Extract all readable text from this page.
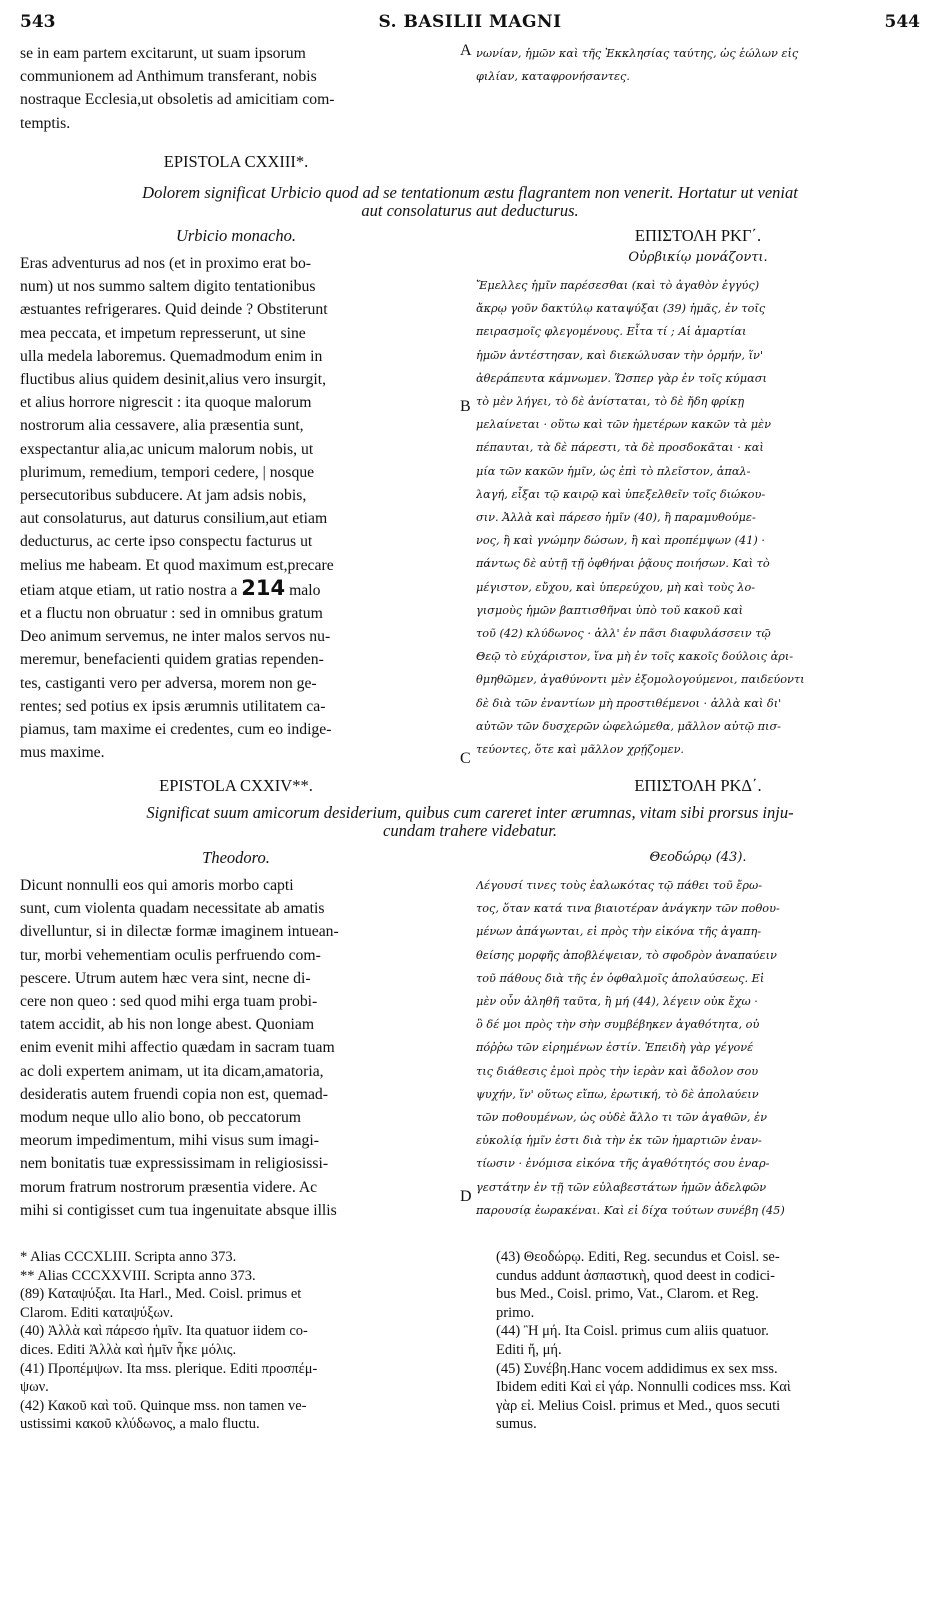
543	S. BASILII MAGNI	544
se in eam partem excitarunt, ut suam ipsorum
communionem ad Anthimum transferant, nobis
nostraque Ecclesia,ut obsoletis ad amicitiam com-
temptis.
νωνίαν, ἡμῶν καὶ τῆς Ἐκκλησίας ταύτης, ὡς ἑώλων εἰς
φιλίαν, καταφρονήσαντες.
EPISTOLA CXXIII*.
Dolorem significat Urbicio quod ad se tentationum æstu flagrantem non venerit. Hortatur ut veniat
aut consolaturus aut deducturus.
Urbicio monacho.	ΕΠΙΣΤΟΛΗ ΡΚΓ΄.
Οὐρβικίῳ μονάζοντι.
Eras adventurus ad nos (et in proximo erat bo-
num) ut nos summo saltem digito tentationibus
æstuantes refrigerares. Quid deinde ? Obstiterunt
mea peccata, et impetum represserunt, ut sine
ulla medela laboremus. Quemadmodum enim in
fluctibus alius quidem desinit,alius vero insurgit,
et alius horrore nigrescit : ita quoque malorum
nostrorum alia cessavere, alia præsentia sunt,
exspectantur alia,ac unicum malorum nobis, ut
plurimum, remedium, tempori cedere, | nosque
persecutoribus subducere. At jam adsis nobis,
aut consolaturus, aut daturus consilium,aut etiam
deducturus, ac certe ipso conspectu facturus ut
melius me habeam. Et quod maximum est,precare
etiam atque etiam, ut ratio nostra a 214 malo
et a fluctu non obruatur : sed in omnibus gratum
Deo animum servemus, ne inter malos servos nu-
meremur, benefacienti quidem gratias rependen-
tes, castiganti vero per adversa, morem non ge-
rentes; sed potius ex ipsis ærumnis utilitatem ca-
piamus, tam maxime ei credentes, cum eo indige-
mus maxime.
Ἔμελλες ἡμῖν παρέσεσθαι (καὶ τὸ ἀγαθὸν ἐγγύς)
ἄκρῳ γοῦν δακτύλῳ καταψύξαι (39) ἡμᾶς, ἐν τοῖς
πειρασμοῖς φλεγομένους. Εἶτα τί ; Αἱ ἁμαρτίαι
ἡμῶν ἀντέστησαν, καὶ διεκώλυσαν τὴν ὁρμήν, ἵν'
ἀθεράπευτα κάμνωμεν. Ὥσπερ γὰρ ἐν τοῖς κύμασι
τὸ μὲν λήγει, τὸ δὲ ἀνίσταται, τὸ δὲ ἤδη φρίκῃ
μελαίνεται · οὕτω καὶ τῶν ἡμετέρων κακῶν τὰ μὲν
πέπαυται, τὰ δὲ πάρεστι, τὰ δὲ προσδοκᾶται · καὶ
μία τῶν κακῶν ἡμῖν, ὡς ἐπὶ τὸ πλεῖστον, ἀπαλ-
λαγή, εἶξαι τῷ καιρῷ καὶ ὑπεξελθεῖν τοῖς διώκου-
σιν. Ἀλλὰ καὶ πάρεσο ἡμῖν (40), ἢ παραμυθούμε-
νος, ἢ καὶ γνώμην δώσων, ἢ καὶ προπέμψων (41) ·
πάντως δὲ αὐτῇ τῇ ὀφθήναι ῥᾷους ποιήσων. Καὶ τὸ
μέγιστον, εὔχου, καὶ ὑπερεύχου, μὴ καὶ τοὺς λο-
γισμοὺς ἡμῶν βαπτισθῆναι ὑπὸ τοῦ κακοῦ καὶ
τοῦ (42) κλύδωνος · ἀλλ' ἐν πᾶσι διαφυλάσσειν τῷ
Θεῷ τὸ εὐχάριστον, ἵνα μὴ ἐν τοῖς κακοῖς δούλοις ἀρι-
θμηθῶμεν, ἀγαθύνοντι μὲν ἐξομολογούμενοι, παιδεύοντι
δὲ διὰ τῶν ἐναντίων μὴ προστιθέμενοι · ἀλλὰ καὶ δι'
αὐτῶν τῶν δυσχερῶν ὠφελώμεθα, μᾶλλον αὐτῷ πισ-
τεύοντες, ὅτε καὶ μᾶλλον χρῄζομεν.
A
B
C
D
EPISTOLA CXXIV**.	ΕΠΙΣΤΟΛΗ ΡΚΔ΄.
Significat suum amicorum desiderium, quibus cum careret inter ærumnas, vitam sibi prorsus inju-
cundam trahere videbatur.
Theodoro.	Θεοδώρῳ (43).
Dicunt nonnulli eos qui amoris morbo capti
sunt, cum violenta quadam necessitate ab amatis
divelluntur, si in dilectæ formæ imaginem intuean-
tur, morbi vehementiam oculis perfruendo com-
pescere. Utrum autem hæc vera sint, necne di-
cere non queo : sed quod mihi erga tuam probi-
tatem accidit, ab his non longe abest. Quoniam
enim evenit mihi affectio quædam in sacram tuam
ac doli expertem animam, ut ita dicam,amatoria,
desideratis autem fruendi copia non est, quemad-
modum neque ullo alio bono, ob peccatorum
meorum impedimentum, mihi visus sum imagi-
nem bonitatis tuæ expressissimam in religiosissi-
morum fratrum nostrorum præsentia videre. Ac
mihi si contigisset cum tua ingenuitate absque illis
Λέγουσί τινες τοὺς ἑαλωκότας τῷ πάθει τοῦ ἔρω-
τος, ὅταν κατά τινα βιαιοτέραν ἀνάγκην τῶν ποθου-
μένων ἀπάγωνται, εἰ πρὸς τὴν εἰκόνα τῆς ἀγαπη-
θείσης μορφῆς ἀποβλέψειαν, τὸ σφοδρὸν ἀναπαύειν
τοῦ πάθους διὰ τῆς ἐν ὀφθαλμοῖς ἀπολαύσεως. Εἰ
μὲν οὖν ἀληθῆ ταῦτα, ἢ μή (44), λέγειν οὐκ ἔχω ·
ὃ δέ μοι πρὸς τὴν σὴν συμβέβηκεν ἀγαθότητα, οὐ
πόῤῥω τῶν εἰρημένων ἐστίν. Ἐπειδὴ γὰρ γέγονέ
τις διάθεσις ἐμοὶ πρὸς τὴν ἱερὰν καὶ ἄδολον σου
ψυχήν, ἵν' οὕτως εἴπω, ἐρωτική, τὸ δὲ ἀπολαύειν
τῶν ποθουμένων, ὡς οὐδὲ ἄλλο τι τῶν ἀγαθῶν, ἐν
εὐκολίᾳ ἡμῖν ἐστι διὰ τὴν ἐκ τῶν ἡμαρτιῶν ἐναν-
τίωσιν · ἐνόμισα εἰκόνα τῆς ἀγαθότητός σου ἐναρ-
γεστάτην ἐν τῇ τῶν εὐλαβεστάτων ἡμῶν ἀδελφῶν
παρουσίᾳ ἑωρακέναι. Καὶ εἰ δίχα τούτων συνέβη (45)
* Alias CCCXLIII. Scripta anno 373.
** Alias CCCXXVIII. Scripta anno 373.
(89) Καταψύξαι. Ita Harl., Med. Coisl. primus et
Clarom. Editi καταψύξων.
(40) Ἀλλὰ καὶ πάρεσο ἡμῖν. Ita quatuor iidem co-
dices. Editi Ἀλλὰ καὶ ἡμῖν ἧκε μόλις.
(41) Προπέμψων. Ita mss. plerique. Editi προσπέμ-
ψων.
(42) Κακοῦ καὶ τοῦ. Quinque mss. non tamen ve-
ustissimi κακοῦ κλύδωνος, a malo fluctu.
(43) Θεοδώρῳ. Editi, Reg. secundus et Coisl. se-
cundus addunt ἀσπαστικὴ, quod deest in codici-
bus Med., Coisl. primo, Vat., Clarom. et Reg.
primo.
(44) Ἢ μή. Ita Coisl. primus cum aliis quatuor.
Editi ἤ, μή.
(45) Συνέβη.Hanc vocem addidimus ex sex mss.
Ibidem editi Καὶ εἰ γάρ. Nonnulli codices mss. Καὶ
γὰρ εἰ. Melius Coisl. primus et Med., quos secuti
sumus.
